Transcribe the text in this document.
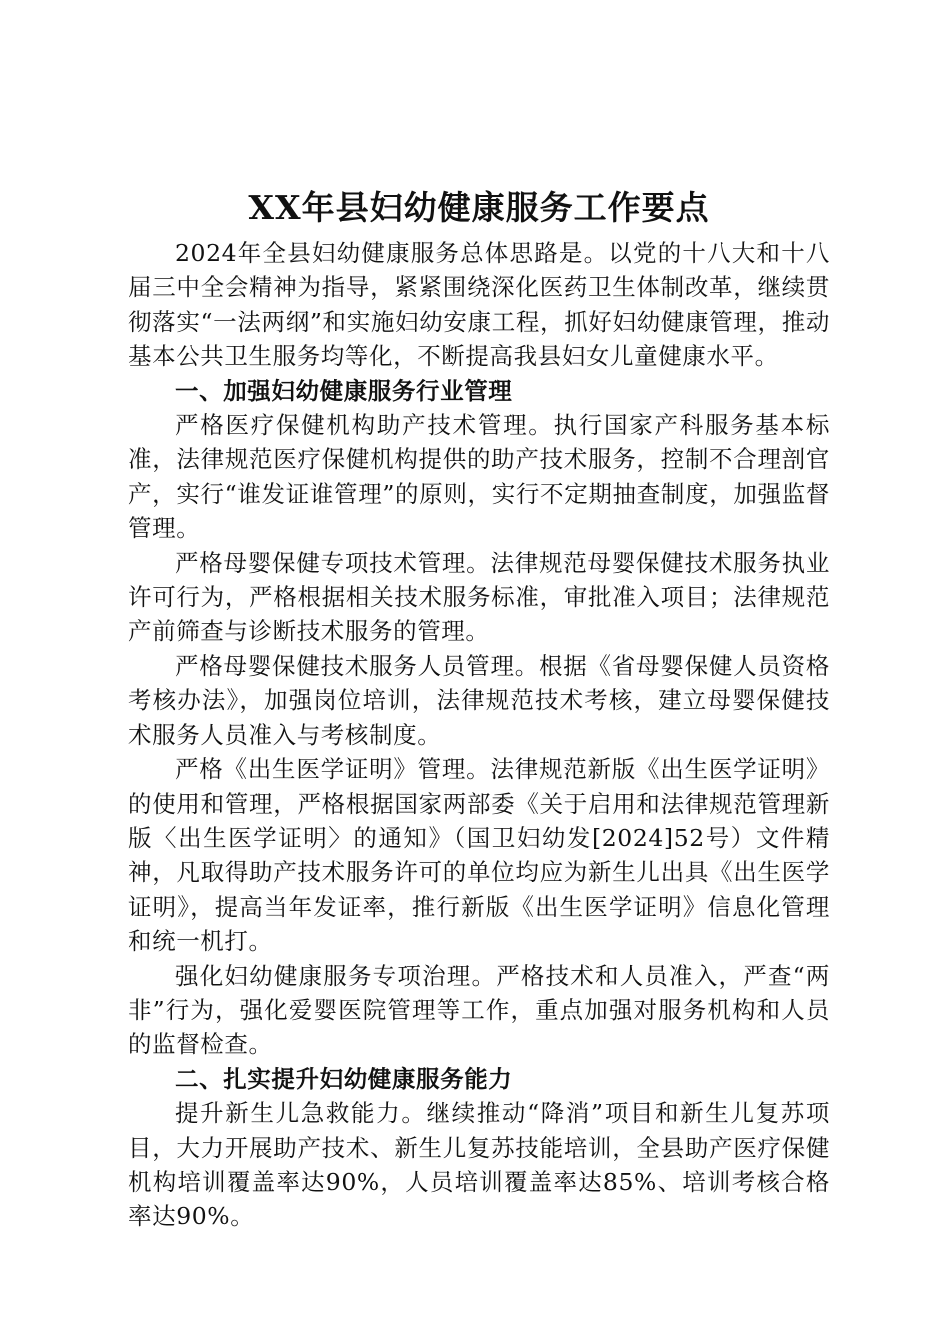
XX年县妇幼健康服务工作要点

2024年全县妇幼健康服务总体思路是。以党的十八大和十八届三中全会精神为指导，紧紧围绕深化医药卫生体制改革，继续贯彻落实“一法两纲”和实施妇幼安康工程，抓好妇幼健康管理，推动基本公共卫生服务均等化，不断提高我县妇女儿童健康水平。

一、加强妇幼健康服务行业管理

严格医疗保健机构助产技术管理。执行国家产科服务基本标准，法律规范医疗保健机构提供的助产技术服务，控制不合理剖官产，实行“谁发证谁管理”的原则，实行不定期抽查制度，加强监督管理。

严格母婴保健专项技术管理。法律规范母婴保健技术服务执业许可行为，严格根据相关技术服务标准，审批准入项目；法律规范产前筛查与诊断技术服务的管理。

严格母婴保健技术服务人员管理。根据《省母婴保健人员资格考核办法》，加强岗位培训，法律规范技术考核，建立母婴保健技术服务人员准入与考核制度。

严格《出生医学证明》管理。法律规范新版《出生医学证明》的使用和管理，严格根据国家两部委《关于启用和法律规范管理新版〈出生医学证明〉的通知》（国卫妇幼发[2024]52号）文件精神，凡取得助产技术服务许可的单位均应为新生儿出具《出生医学证明》，提高当年发证率，推行新版《出生医学证明》信息化管理和统一机打。

强化妇幼健康服务专项治理。严格技术和人员准入，严查“两非”行为，强化爱婴医院管理等工作，重点加强对服务机构和人员的监督检查。

二、扎实提升妇幼健康服务能力

提升新生儿急救能力。继续推动“降消”项目和新生儿复苏项目，大力开展助产技术、新生儿复苏技能培训，全县助产医疗保健机构培训覆盖率达90%，人员培训覆盖率达85%、培训考核合格率达90%。
